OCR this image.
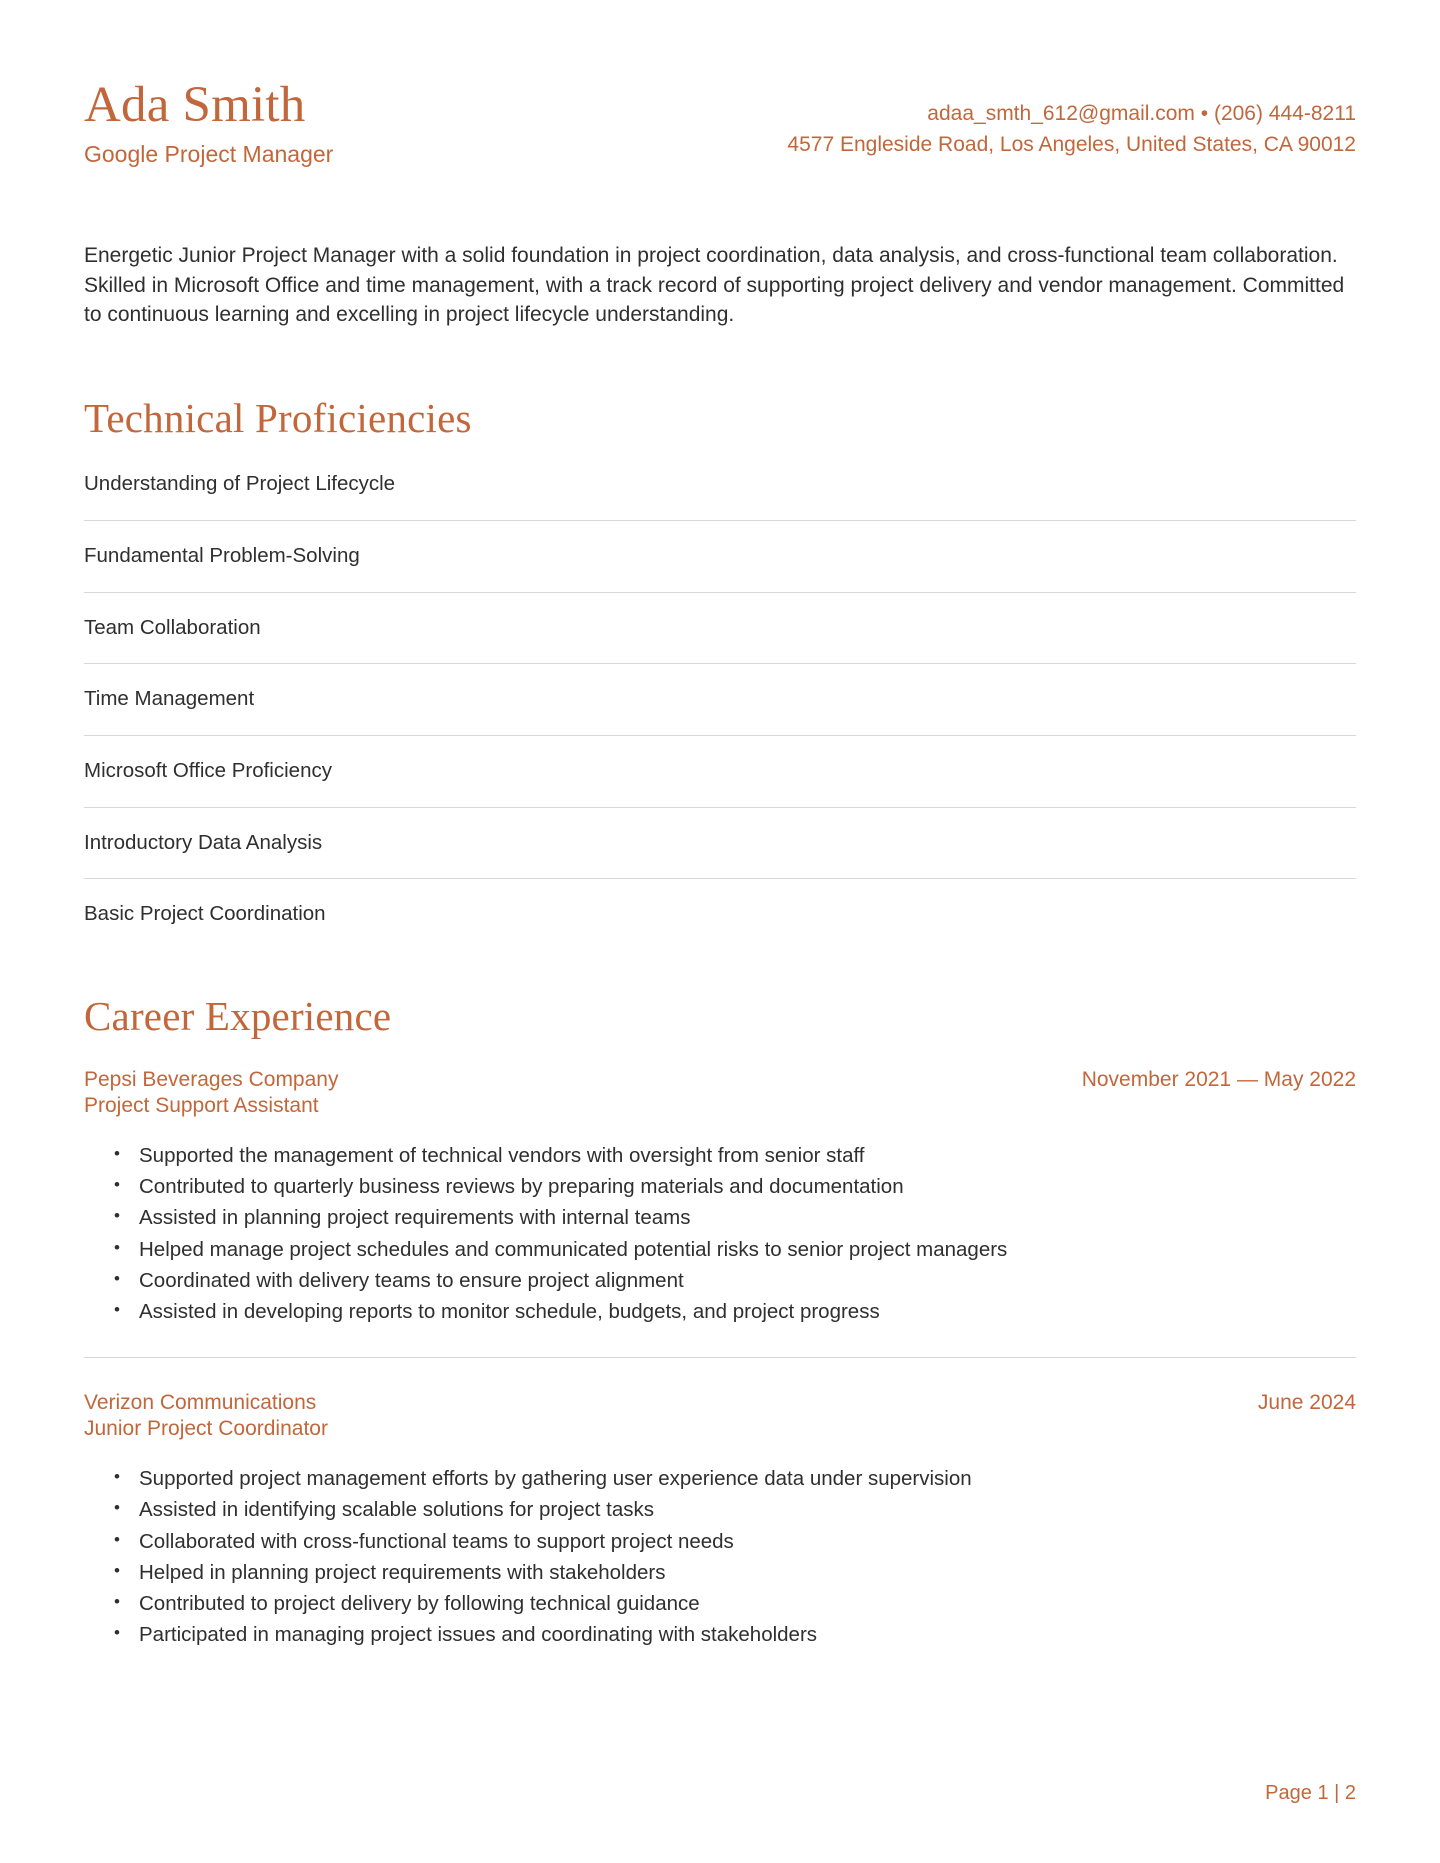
Ada Smith
Google Project Manager
adaa_smth_612@gmail.com • (206) 444-8211
4577 Engleside Road, Los Angeles, United States, CA 90012
Energetic Junior Project Manager with a solid foundation in project coordination, data analysis, and cross-functional team collaboration. Skilled in Microsoft Office and time management, with a track record of supporting project delivery and vendor management. Committed to continuous learning and excelling in project lifecycle understanding.
Technical Proficiencies
Understanding of Project Lifecycle
Fundamental Problem-Solving
Team Collaboration
Time Management
Microsoft Office Proficiency
Introductory Data Analysis
Basic Project Coordination
Career Experience
Pepsi Beverages Company
Project Support Assistant
November 2021 — May 2022
• Supported the management of technical vendors with oversight from senior staff
• Contributed to quarterly business reviews by preparing materials and documentation
• Assisted in planning project requirements with internal teams
• Helped manage project schedules and communicated potential risks to senior project managers
• Coordinated with delivery teams to ensure project alignment
• Assisted in developing reports to monitor schedule, budgets, and project progress
Verizon Communications
Junior Project Coordinator
June 2024
• Supported project management efforts by gathering user experience data under supervision
• Assisted in identifying scalable solutions for project tasks
• Collaborated with cross-functional teams to support project needs
• Helped in planning project requirements with stakeholders
• Contributed to project delivery by following technical guidance
• Participated in managing project issues and coordinating with stakeholders
Page 1 | 2
